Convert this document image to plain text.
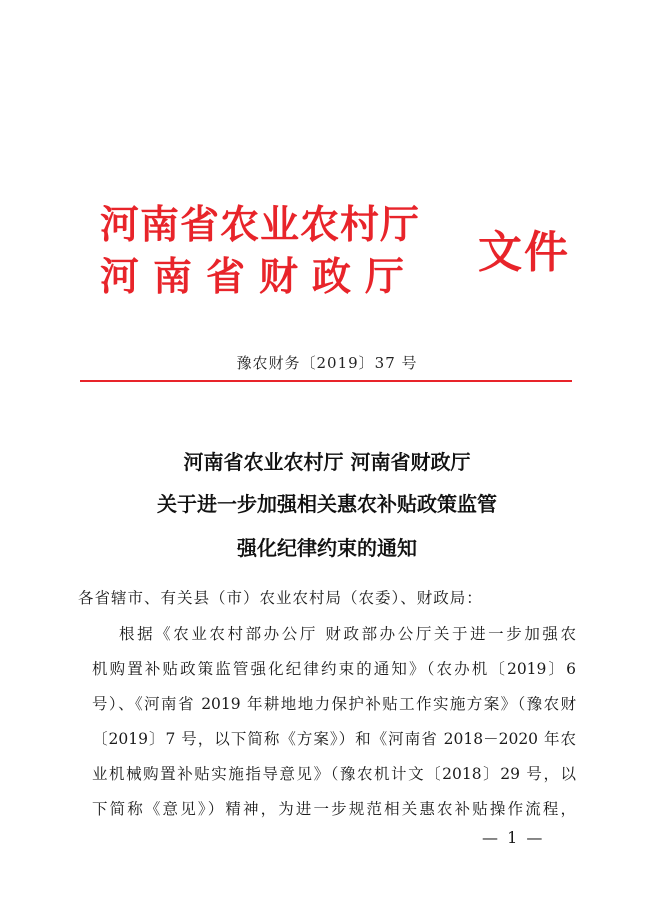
河南省农业农村厅
河南省财政厅 文件
豫农财务〔2019〕37 号
河南省农业农村厅 河南省财政厅
关于进一步加强相关惠农补贴政策监管
强化纪律约束的通知
各省辖市、有关县（市）农业农村局（农委）、财政局：
根据《农业农村部办公厅 财政部办公厅关于进一步加强农
机购置补贴政策监管强化纪律约束的通知》（农办机〔2019〕6
号）、《河南省 2019 年耕地地力保护补贴工作实施方案》（豫农财
〔2019〕7 号，以下简称《方案》）和《河南省 2018－2020 年农
业机械购置补贴实施指导意见》（豫农机计文〔2018〕29 号，以
下简称《意见》）精神，为进一步规范相关惠农补贴操作流程，
— 1 —
